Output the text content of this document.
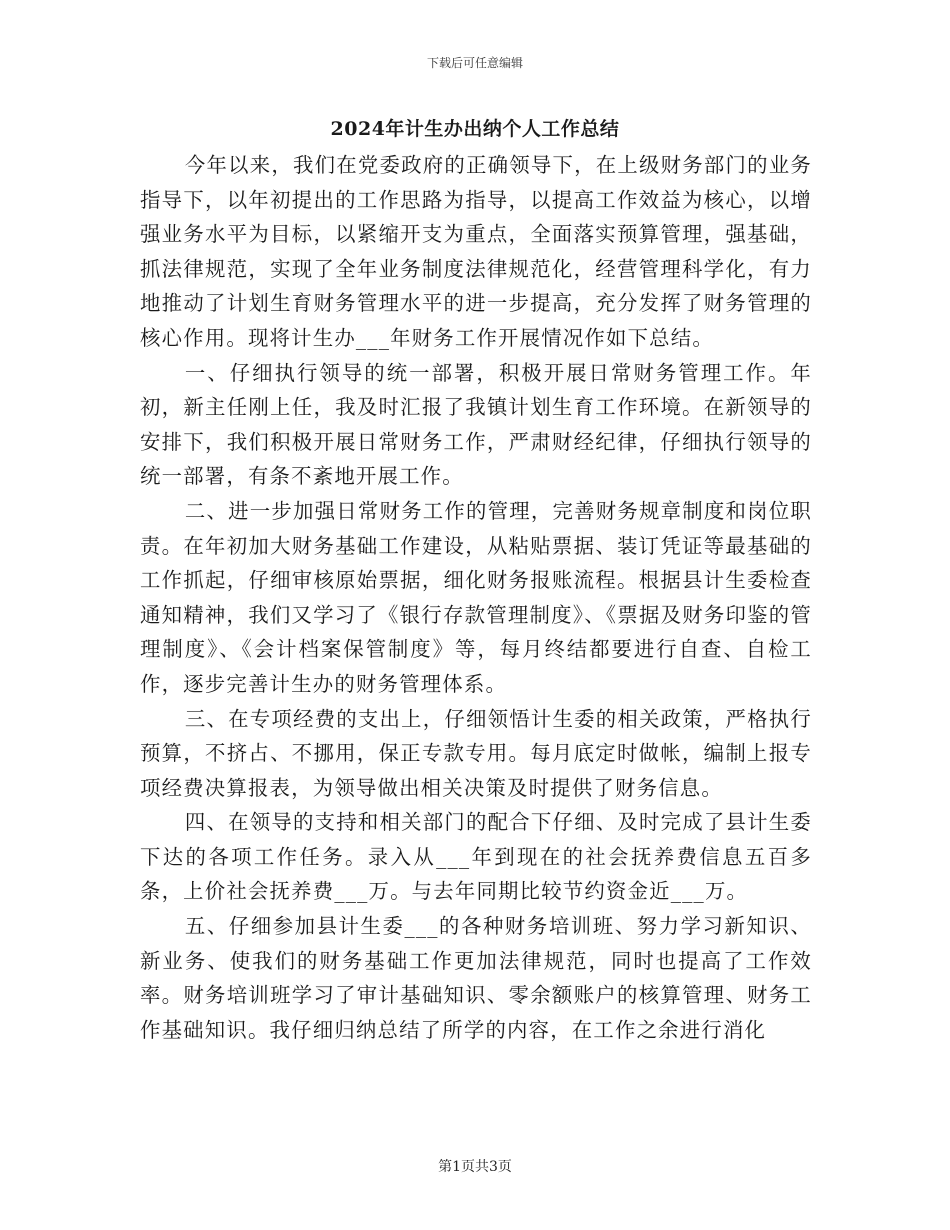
下载后可任意编辑
2024年计生办出纳个人工作总结

今年以来，我们在党委政府的正确领导下，在上级财务部门的业务指导下，以年初提出的工作思路为指导，以提高工作效益为核心，以增强业务水平为目标，以紧缩开支为重点，全面落实预算管理，强基础，抓法律规范，实现了全年业务制度法律规范化，经营管理科学化，有力地推动了计划生育财务管理水平的进一步提高，充分发挥了财务管理的核心作用。现将计生办___年财务工作开展情况作如下总结。

一、仔细执行领导的统一部署，积极开展日常财务管理工作。年初，新主任刚上任，我及时汇报了我镇计划生育工作环境。在新领导的安排下，我们积极开展日常财务工作，严肃财经纪律，仔细执行领导的统一部署，有条不紊地开展工作。

二、进一步加强日常财务工作的管理，完善财务规章制度和岗位职责。在年初加大财务基础工作建设，从粘贴票据、装订凭证等最基础的工作抓起，仔细审核原始票据，细化财务报账流程。根据县计生委检查通知精神，我们又学习了《银行存款管理制度》、《票据及财务印鉴的管理制度》、《会计档案保管制度》等，每月终结都要进行自查、自检工作，逐步完善计生办的财务管理体系。

三、在专项经费的支出上，仔细领悟计生委的相关政策，严格执行预算，不挤占、不挪用，保正专款专用。每月底定时做帐，编制上报专项经费决算报表，为领导做出相关决策及时提供了财务信息。

四、在领导的支持和相关部门的配合下仔细、及时完成了县计生委下达的各项工作任务。录入从___年到现在的社会抚养费信息五百多条，上价社会抚养费___万。与去年同期比较节约资金近___万。

五、仔细参加县计生委___的各种财务培训班、努力学习新知识、新业务、使我们的财务基础工作更加法律规范，同时也提高了工作效率。财务培训班学习了审计基础知识、零余额账户的核算管理、财务工作基础知识。我仔细归纳总结了所学的内容，在工作之余进行消化

第1页共3页
